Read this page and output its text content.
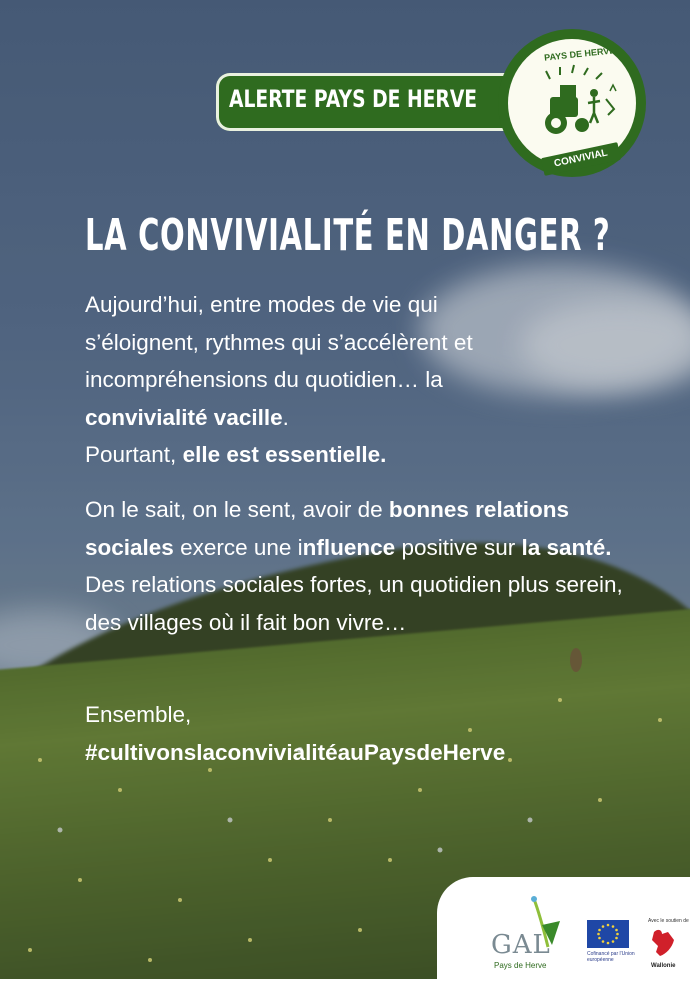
ALERTE PAYS DE HERVE
PAYS DE HERVE
CONVIVIAL
LA CONVIVIALITÉ EN DANGER ?
Aujourd’hui, entre modes de vie qui
s’éloignent, rythmes qui s’accélèrent et
incompréhensions du quotidien… la
convivialité vacille.
Pourtant, elle est essentielle.
On le sait, on le sent, avoir de bonnes relations sociales exerce une influence positive sur la santé. Des relations sociales fortes, un quotidien plus serein, des villages où il fait bon vivre…
Ensemble,
#cultivonslaconvivialitéauPaysdeHerve
GAL
Pays de Herve
Cofinancé par l'Union européenne
Avec le soutien de
Wallonie
